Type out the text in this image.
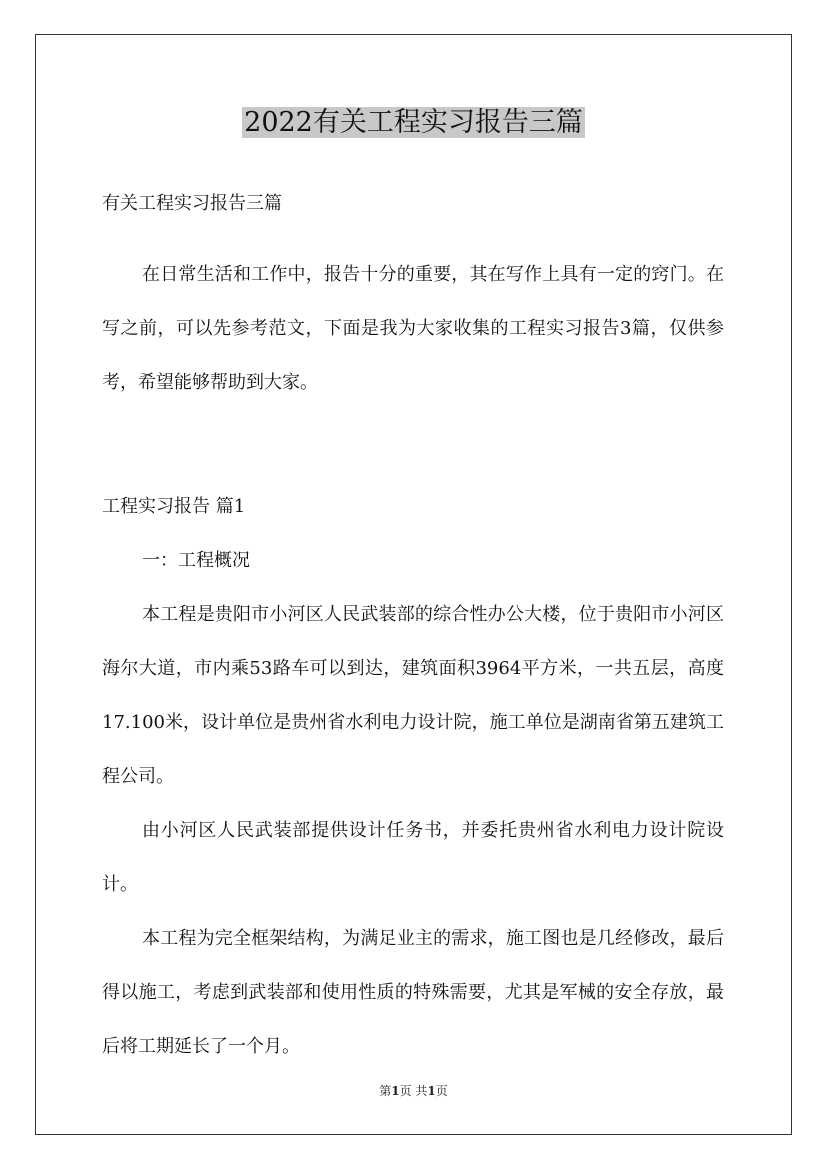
2022有关工程实习报告三篇

有关工程实习报告三篇

在日常生活和工作中，报告十分的重要，其在写作上具有一定的窍门。在写之前，可以先参考范文，下面是我为大家收集的工程实习报告3篇，仅供参考，希望能够帮助到大家。

工程实习报告 篇1

一：工程概况

本工程是贵阳市小河区人民武装部的综合性办公大楼，位于贵阳市小河区海尔大道，市内乘53路车可以到达，建筑面积3964平方米，一共五层，高度17.100米，设计单位是贵州省水利电力设计院，施工单位是湖南省第五建筑工程公司。

由小河区人民武装部提供设计任务书，并委托贵州省水利电力设计院设计。

本工程为完全框架结构，为满足业主的需求，施工图也是几经修改，最后得以施工，考虑到武装部和使用性质的特殊需要，尤其是军械的安全存放，最后将工期延长了一个月。

第1页 共1页
